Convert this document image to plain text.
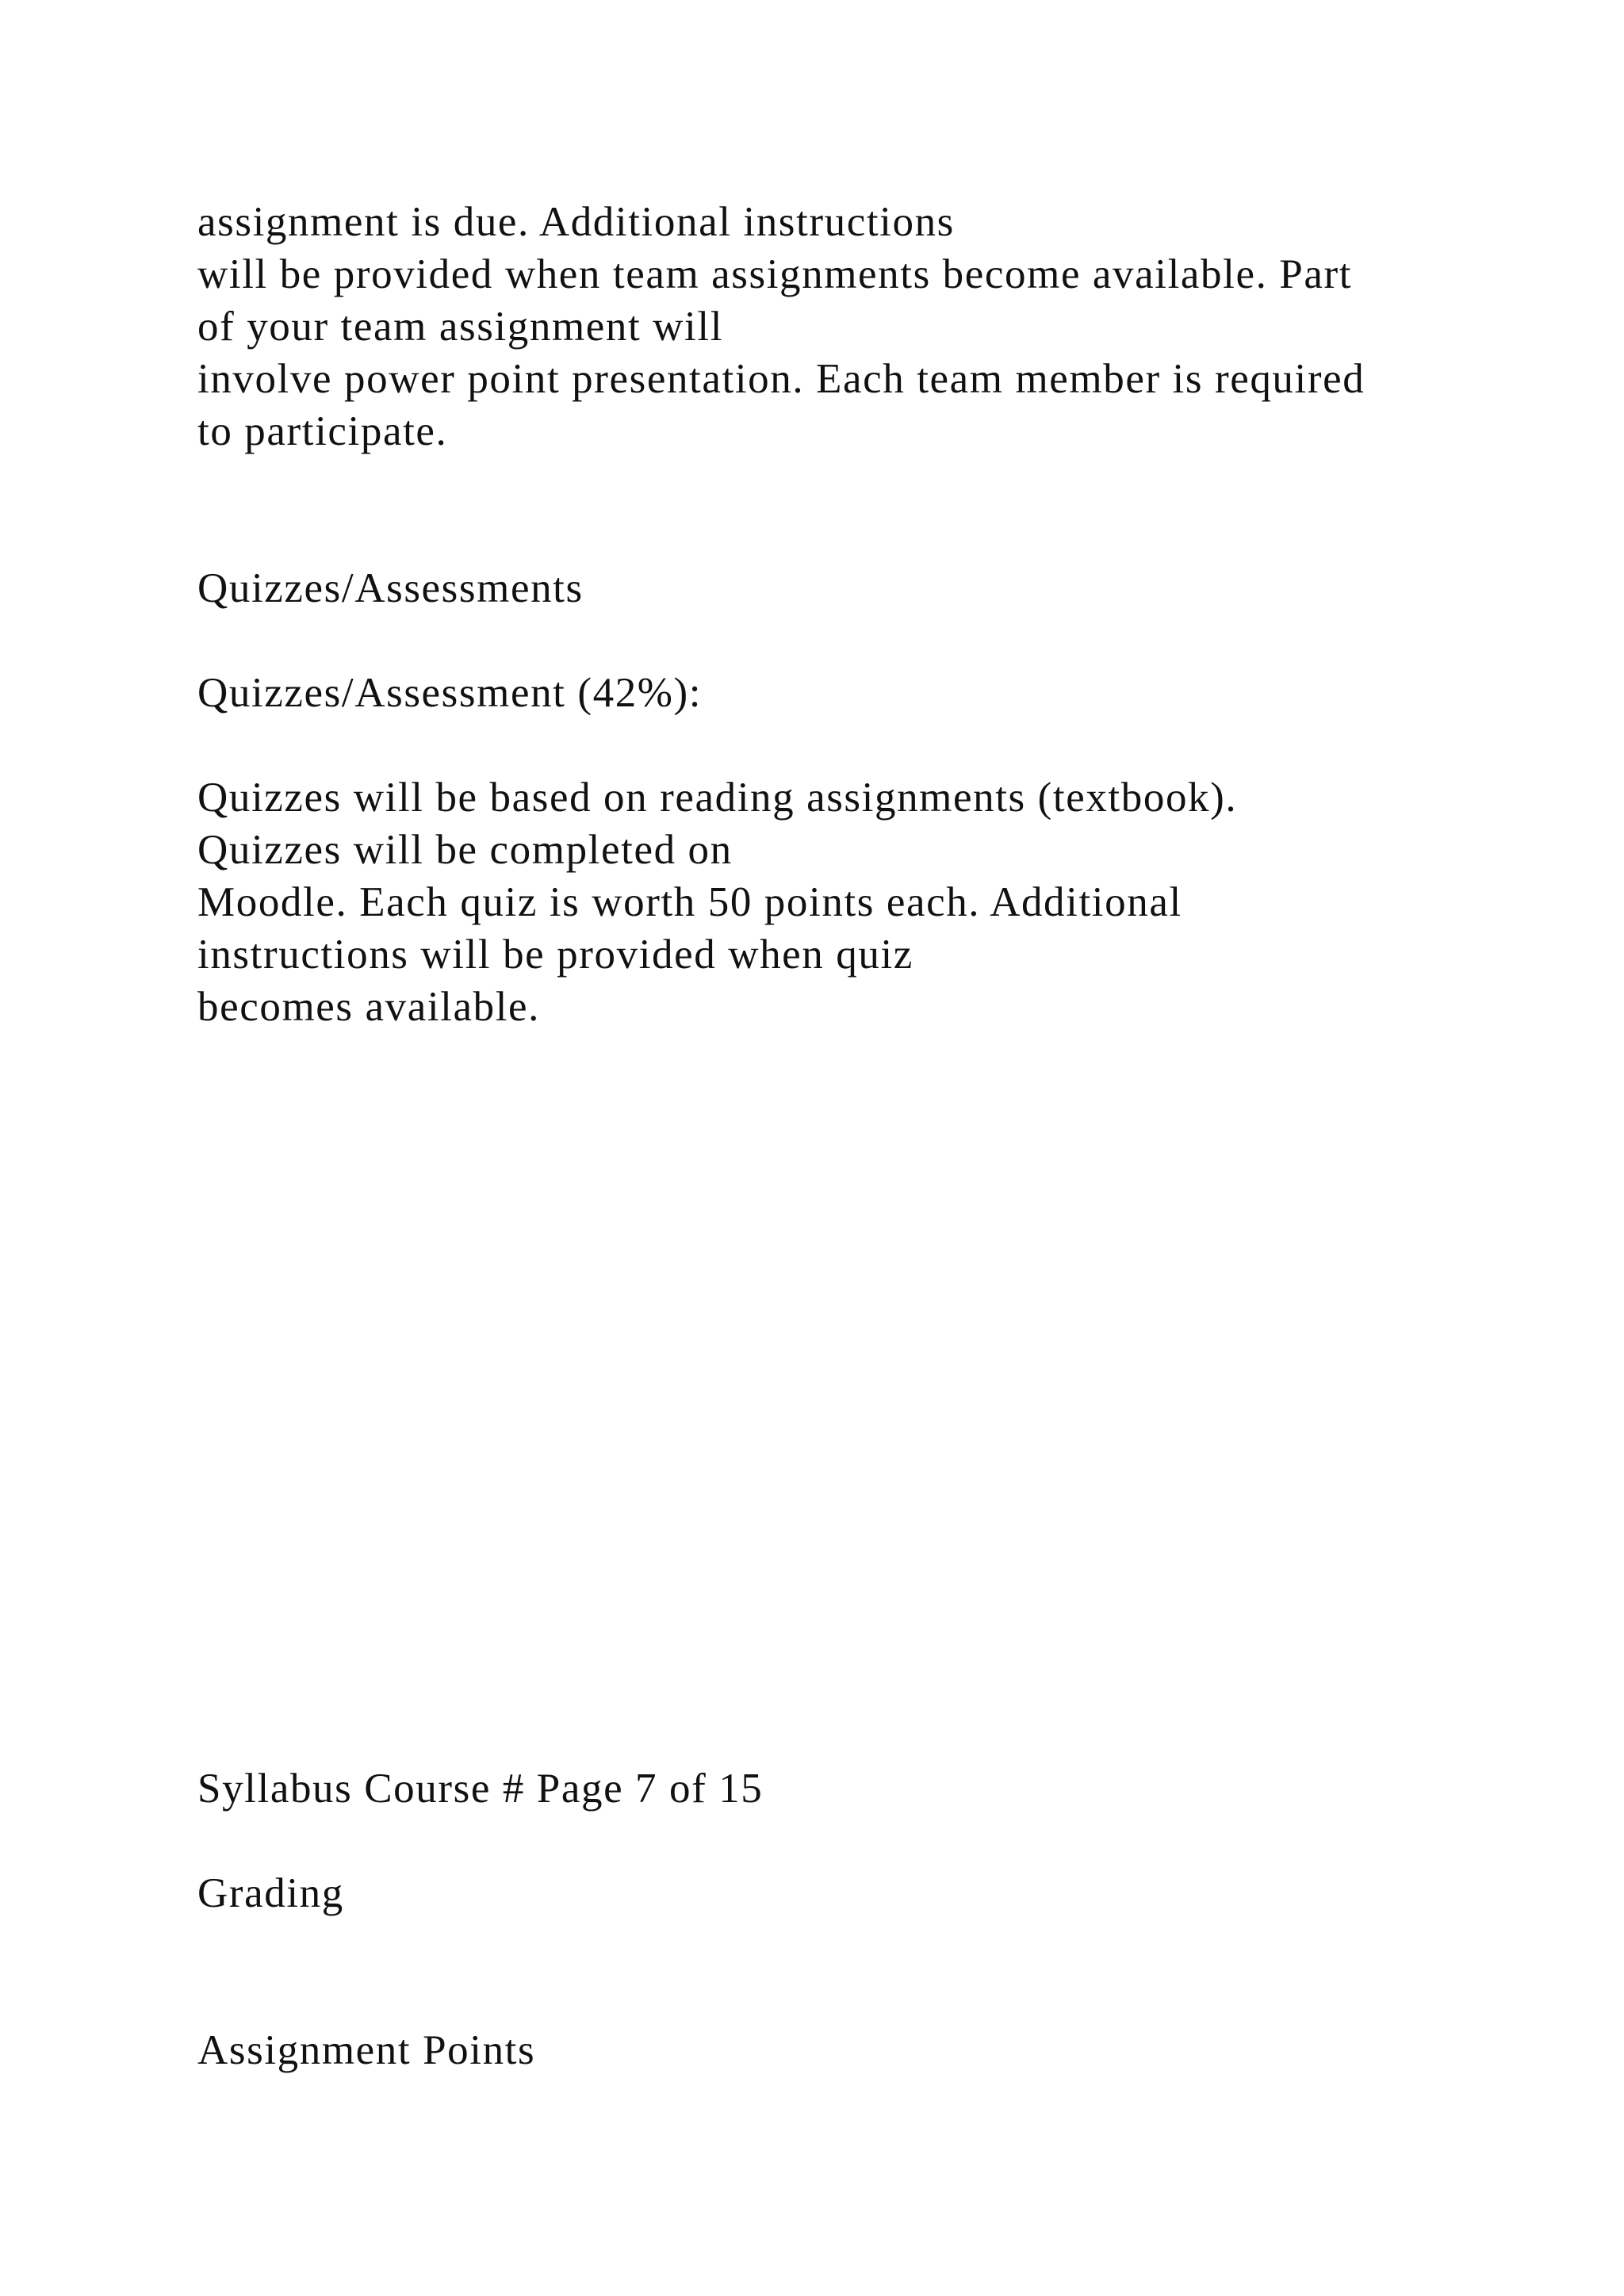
assignment is due. Additional instructions
will be provided when team assignments become available. Part
of your team assignment will
involve power point presentation. Each team member is required
to participate.
Quizzes/Assessments
Quizzes/Assessment (42%):
Quizzes will be based on reading assignments (textbook).
Quizzes will be completed on
Moodle. Each quiz is worth 50 points each. Additional
instructions will be provided when quiz
becomes available.
Syllabus Course # Page 7 of 15
Grading
Assignment Points
